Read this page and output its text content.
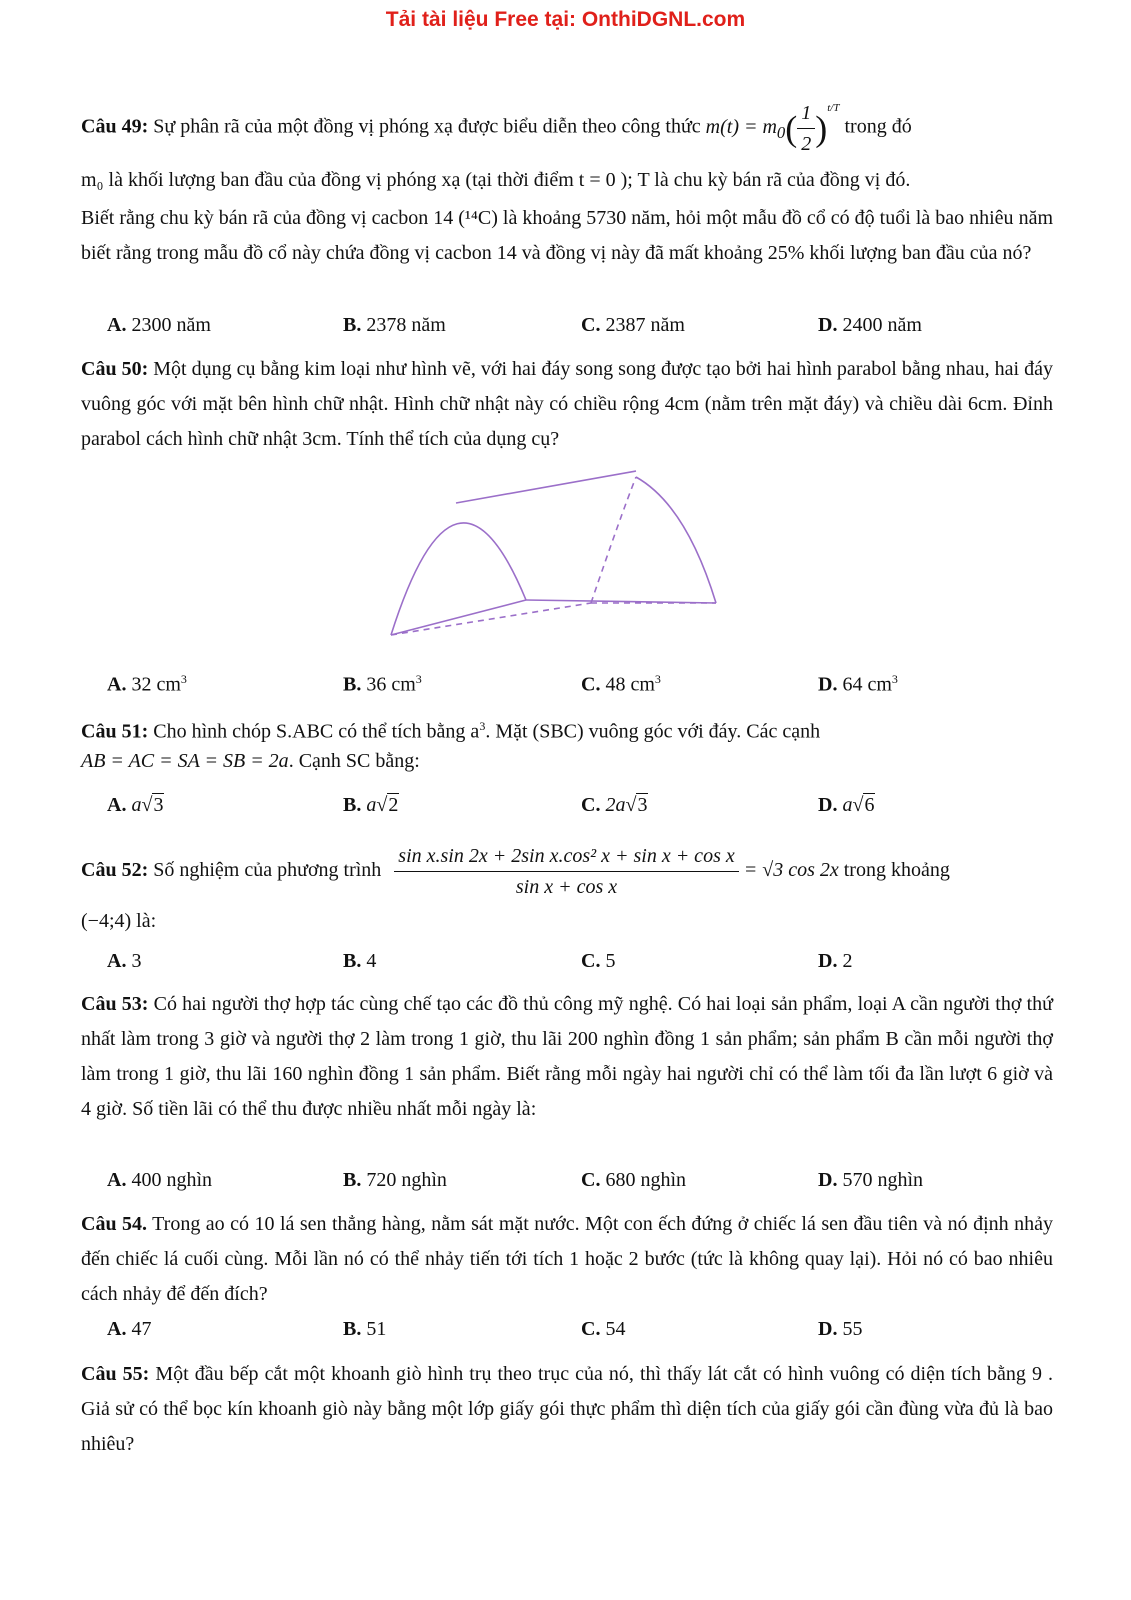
Tải tài liệu Free tại: OnthiDGNL.com
Câu 49: Sự phân rã của một đồng vị phóng xạ được biểu diễn theo công thức $m(t) = m_0( \frac{1}{2} )^{t/T}$ trong đó
m₀ là khối lượng ban đầu của đồng vị phóng xạ (tại thời điểm t = 0 ); T là chu kỳ bán rã của đồng vị đó.
Biết rằng chu kỳ bán rã của đồng vị cacbon 14 (¹⁴C) là khoảng 5730 năm, hỏi một mẫu đồ cổ có độ tuổi là bao nhiêu năm biết rằng trong mẫu đồ cổ này chứa đồng vị cacbon 14 và đồng vị này đã mất khoảng 25% khối lượng ban đầu của nó?
A. 2300 năm	B. 2378 năm	C. 2387 năm	D. 2400 năm
Câu 50: Một dụng cụ bằng kim loại như hình vẽ, với hai đáy song song được tạo bởi hai hình parabol bằng nhau, hai đáy vuông góc với mặt bên hình chữ nhật. Hình chữ nhật này có chiều rộng 4cm (nằm trên mặt đáy) và chiều dài 6cm. Đỉnh parabol cách hình chữ nhật 3cm. Tính thể tích của dụng cụ?
A. 32 $cm^3$	B. 36 $cm^3$	C. 48 $cm^3$	D. 64 $cm^3$
Câu 51: Cho hình chóp S.ABC có thể tích bằng $a^3$. Mặt (SBC) vuông góc với đáy. Các cạnh
AB = AC = SA = SB = 2a. Cạnh SC bằng:
A. a√3	B. a√2	C. 2a√3	D. a√6
Câu 52: Số nghiệm của phương trình $\frac{\text{sin x.sin 2x + 2sin x.cos² x + sin x + cos x}}{\text{sin x + cos x}} = √3$ cos 2x trong khoảng
(−4;4) là:
A. 3	B. 4	C. 5	D. 2
Câu 53: Có hai người thợ hợp tác cùng chế tạo các đồ thủ công mỹ nghệ. Có hai loại sản phẩm, loại A cần người thợ thứ nhất làm trong 3 giờ và người thợ 2 làm trong 1 giờ, thu lãi 200 nghìn đồng 1 sản phẩm; sản phẩm B cần mỗi người thợ làm trong 1 giờ, thu lãi 160 nghìn đồng 1 sản phẩm. Biết rằng mỗi ngày hai người chỉ có thể làm tối đa lần lượt 6 giờ và 4 giờ. Số tiền lãi có thể thu được nhiều nhất mỗi ngày là:
A. 400 nghìn	B. 720 nghìn	C. 680 nghìn	D. 570 nghìn
Câu 54. Trong ao có 10 lá sen thẳng hàng, nằm sát mặt nước. Một con ếch đứng ở chiếc lá sen đầu tiên và nó định nhảy đến chiếc lá cuối cùng. Mỗi lần nó có thể nhảy tiến tới tích 1 hoặc 2 bước (tức là không quay lại). Hỏi nó có bao nhiêu cách nhảy để đến đích?
A. 47	B. 51	C. 54	D. 55
Câu 55: Một đầu bếp cắt một khoanh giò hình trụ theo trục của nó, thì thấy lát cắt có hình vuông có diện tích bằng 9 . Giả sử có thể bọc kín khoanh giò này bằng một lớp giấy gói thực phẩm thì diện tích của giấy gói cần đùng vừa đủ là bao nhiêu?
